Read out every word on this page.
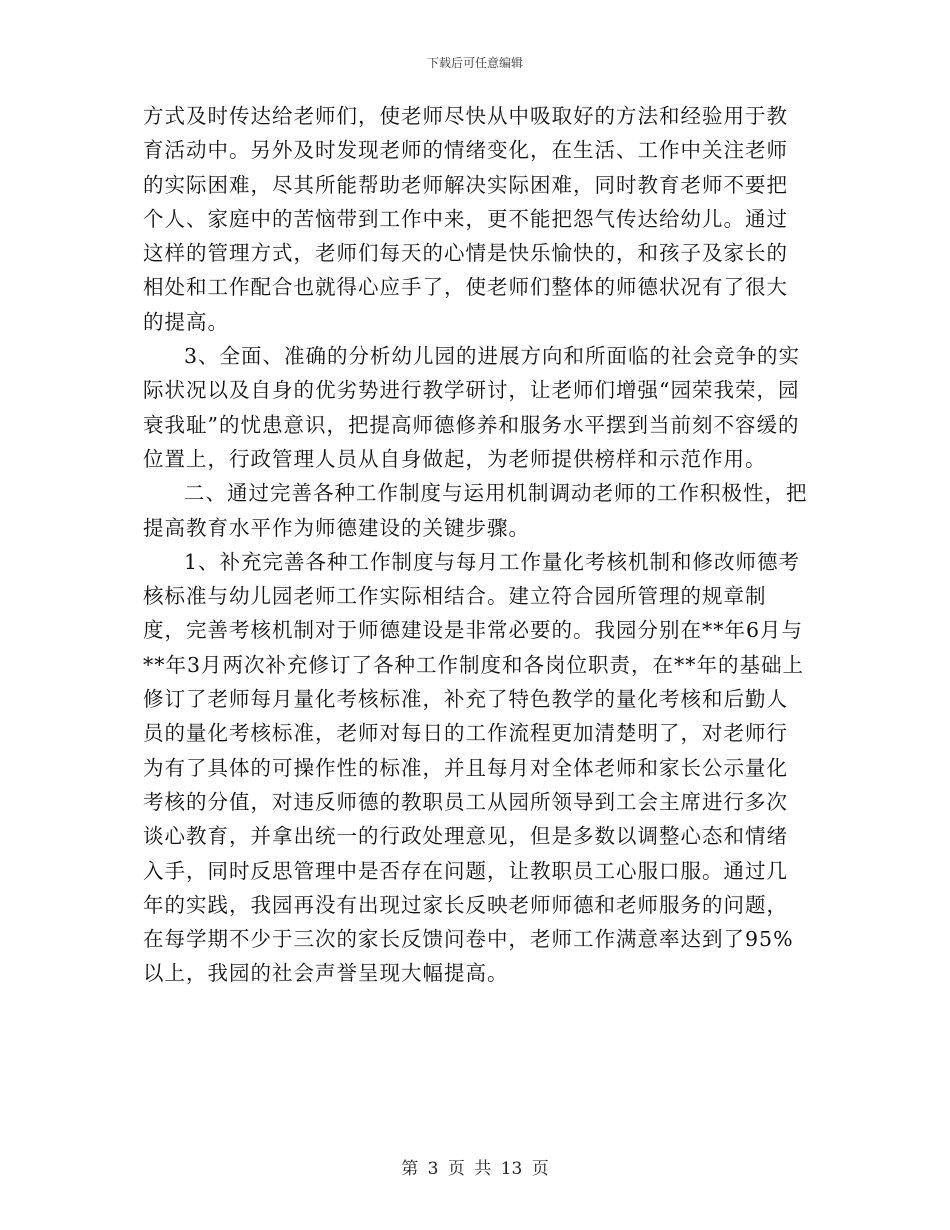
下载后可任意编辑

方式及时传达给老师们，使老师尽快从中吸取好的方法和经验用于教育活动中。另外及时发现老师的情绪变化，在生活、工作中关注老师的实际困难，尽其所能帮助老师解决实际困难，同时教育老师不要把个人、家庭中的苦恼带到工作中来，更不能把怨气传达给幼儿。通过这样的管理方式，老师们每天的心情是快乐愉快的，和孩子及家长的相处和工作配合也就得心应手了，使老师们整体的师德状况有了很大的提高。

3、全面、准确的分析幼儿园的进展方向和所面临的社会竞争的实际状况以及自身的优劣势进行教学研讨，让老师们增强“园荣我荣，园衰我耻”的忧患意识，把提高师德修养和服务水平摆到当前刻不容缓的位置上，行政管理人员从自身做起，为老师提供榜样和示范作用。

二、通过完善各种工作制度与运用机制调动老师的工作积极性，把提高教育水平作为师德建设的关键步骤。

1、补充完善各种工作制度与每月工作量化考核机制和修改师德考核标准与幼儿园老师工作实际相结合。建立符合园所管理的规章制度，完善考核机制对于师德建设是非常必要的。我园分别在**年6月与**年3月两次补充修订了各种工作制度和各岗位职责，在**年的基础上修订了老师每月量化考核标准，补充了特色教学的量化考核和后勤人员的量化考核标准，老师对每日的工作流程更加清楚明了，对老师行为有了具体的可操作性的标准，并且每月对全体老师和家长公示量化考核的分值，对违反师德的教职员工从园所领导到工会主席进行多次谈心教育，并拿出统一的行政处理意见，但是多数以调整心态和情绪入手，同时反思管理中是否存在问题，让教职员工心服口服。通过几年的实践，我园再没有出现过家长反映老师师德和老师服务的问题，在每学期不少于三次的家长反馈问卷中，老师工作满意率达到了95%以上，我园的社会声誉呈现大幅提高。

第 3 页 共 13 页
